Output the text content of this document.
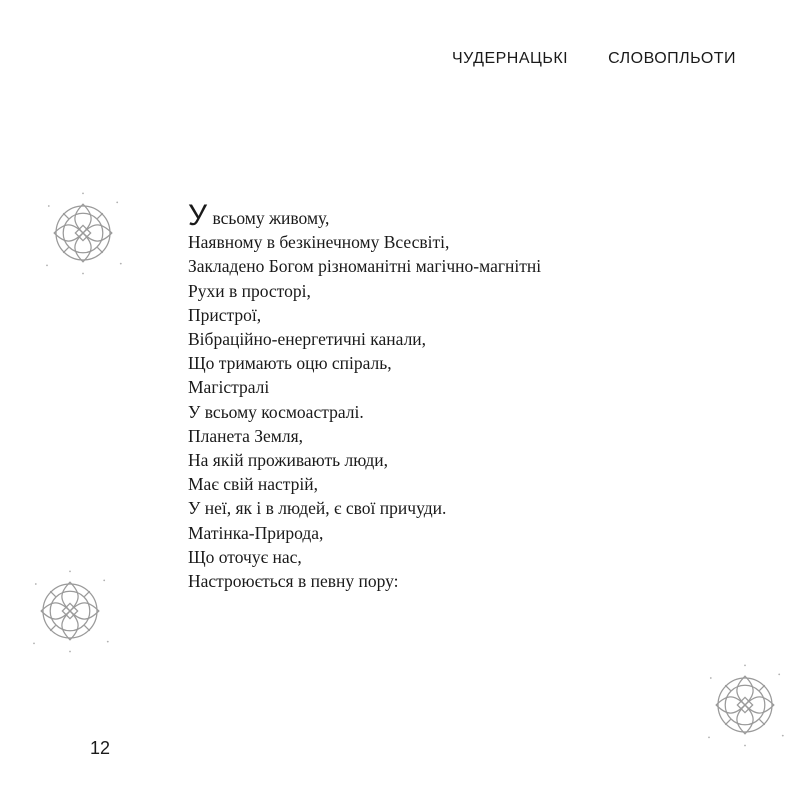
ЧУДЕРНАЦЬКІ	СЛОВОПЛЬОТИ
У всьому живому,
Наявному в безкінечному Всесвіті,
Закладено Богом різноманітні магічно-магнітні
Рухи в просторі,
Пристрої,
Вібраційно-енергетичні канали,
Що тримають оцю спіраль,
Магістралі
У всьому космоастралі.
Планета Земля,
На якій проживають люди,
Має свій настрій,
У неї, як і в людей, є свої причуди.
Матінка-Природа,
Що оточує нас,
Настроюється в певну пору:
12
